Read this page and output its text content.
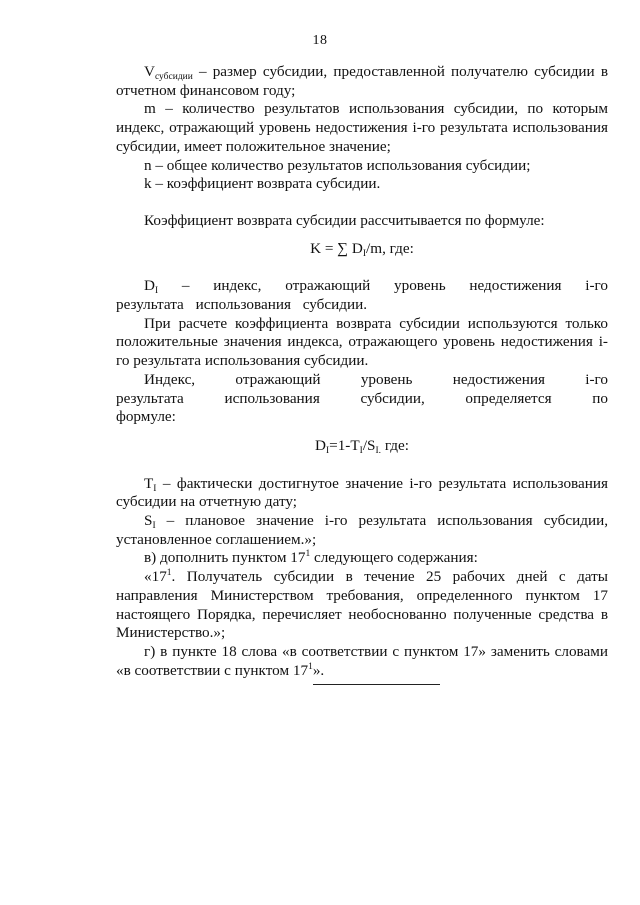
18

$V_{субсидии}$ – размер субсидии, предоставленной получателю субсидии в отчетном финансовом году;

m – количество результатов использования субсидии, по которым индекс, отражающий уровень недостижения i-го результата использования субсидии, имеет положительное значение;

n – общее количество результатов использования субсидии;

k – коэффициент возврата субсидии.

Коэффициент возврата субсидии рассчитывается по формуле:

K = ∑ $D_I/m$, где:

$D_I$ – индекс, отражающий уровень недостижения i-го результата использования субсидии.

При расчете коэффициента возврата субсидии используются только положительные значения индекса, отражающего уровень недостижения i-го результата использования субсидии.

Индекс, отражающий уровень недостижения i-го результата использования субсидии, определяется по формуле:

$D_I=1-T_I/S_{I.}$ где:

$T_I$ – фактически достигнутое значение i-го результата использования субсидии на отчетную дату;

$S_I$ – плановое значение i-го результата использования субсидии, установленное соглашением.»;

в) дополнить пунктом $17^1$ следующего содержания:

«$17^1$. Получатель субсидии в течение 25 рабочих дней с даты направления Министерством требования, определенного пунктом 17 настоящего Порядка, перечисляет необоснованно полученные средства в Министерство.»;

г) в пункте 18 слова «в соответствии с пунктом 17» заменить словами «в соответствии с пунктом $17^1$».
